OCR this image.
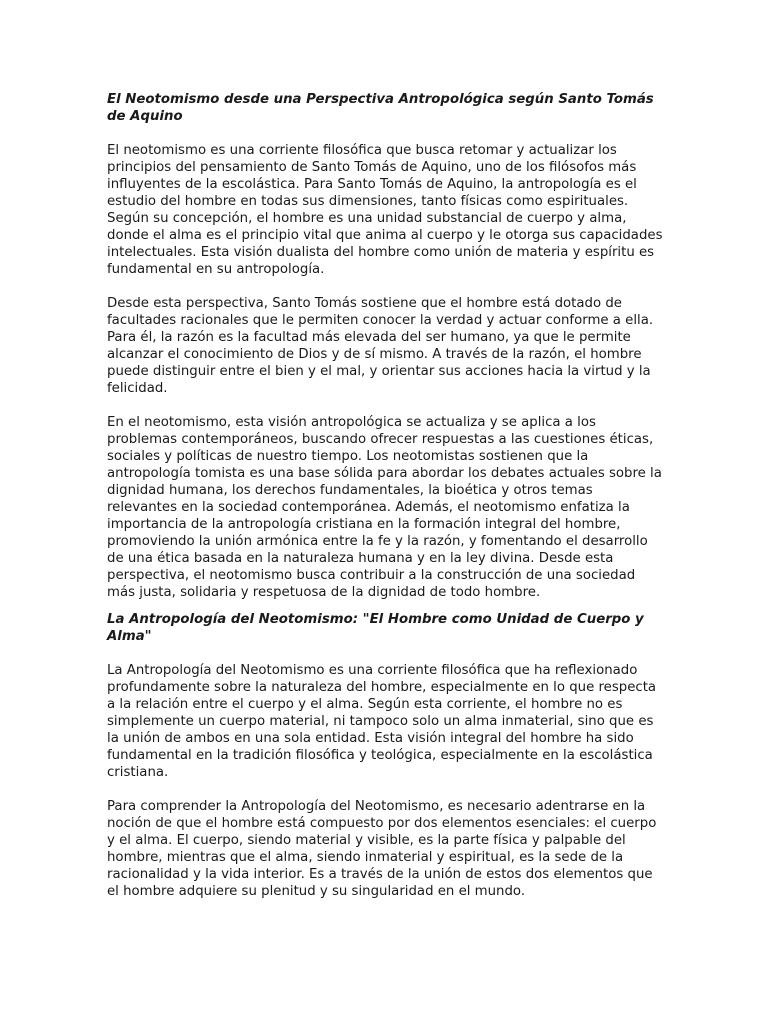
El Neotomismo desde una Perspectiva Antropológica según Santo Tomás de Aquino

El neotomismo es una corriente filosófica que busca retomar y actualizar los principios del pensamiento de Santo Tomás de Aquino, uno de los filósofos más influyentes de la escolástica. Para Santo Tomás de Aquino, la antropología es el estudio del hombre en todas sus dimensiones, tanto físicas como espirituales. Según su concepción, el hombre es una unidad substancial de cuerpo y alma, donde el alma es el principio vital que anima al cuerpo y le otorga sus capacidades intelectuales. Esta visión dualista del hombre como unión de materia y espíritu es fundamental en su antropología.

Desde esta perspectiva, Santo Tomás sostiene que el hombre está dotado de facultades racionales que le permiten conocer la verdad y actuar conforme a ella. Para él, la razón es la facultad más elevada del ser humano, ya que le permite alcanzar el conocimiento de Dios y de sí mismo. A través de la razón, el hombre puede distinguir entre el bien y el mal, y orientar sus acciones hacia la virtud y la felicidad.

En el neotomismo, esta visión antropológica se actualiza y se aplica a los problemas contemporáneos, buscando ofrecer respuestas a las cuestiones éticas, sociales y políticas de nuestro tiempo. Los neotomistas sostienen que la antropología tomista es una base sólida para abordar los debates actuales sobre la dignidad humana, los derechos fundamentales, la bioética y otros temas relevantes en la sociedad contemporánea. Además, el neotomismo enfatiza la importancia de la antropología cristiana en la formación integral del hombre, promoviendo la unión armónica entre la fe y la razón, y fomentando el desarrollo de una ética basada en la naturaleza humana y en la ley divina. Desde esta perspectiva, el neotomismo busca contribuir a la construcción de una sociedad más justa, solidaria y respetuosa de la dignidad de todo hombre.

La Antropología del Neotomismo: "El Hombre como Unidad de Cuerpo y Alma"

La Antropología del Neotomismo es una corriente filosófica que ha reflexionado profundamente sobre la naturaleza del hombre, especialmente en lo que respecta a la relación entre el cuerpo y el alma. Según esta corriente, el hombre no es simplemente un cuerpo material, ni tampoco solo un alma inmaterial, sino que es la unión de ambos en una sola entidad. Esta visión integral del hombre ha sido fundamental en la tradición filosófica y teológica, especialmente en la escolástica cristiana.

Para comprender la Antropología del Neotomismo, es necesario adentrarse en la noción de que el hombre está compuesto por dos elementos esenciales: el cuerpo y el alma. El cuerpo, siendo material y visible, es la parte física y palpable del hombre, mientras que el alma, siendo inmaterial y espiritual, es la sede de la racionalidad y la vida interior. Es a través de la unión de estos dos elementos que el hombre adquiere su plenitud y su singularidad en el mundo.
